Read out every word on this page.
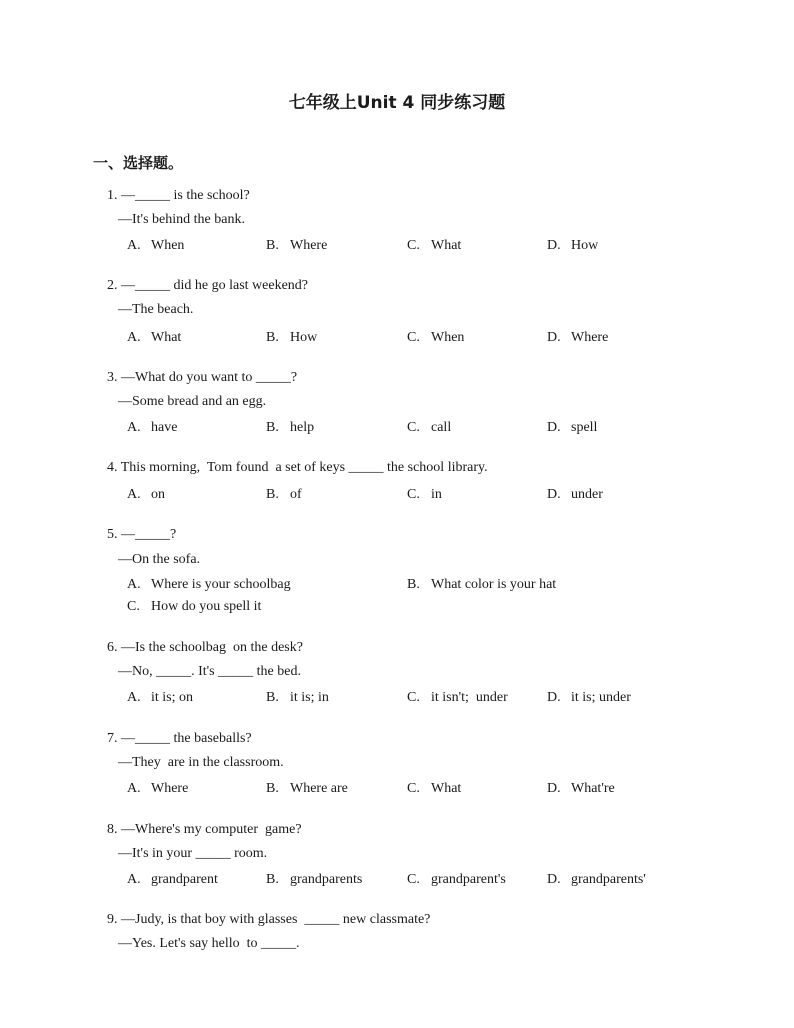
七年级上Unit 4 同步练习题
一、选择题。
1. —_____ is the school?
—It's behind the bank.
A. When	B. Where	C. What	D. How
2. —_____ did he go last weekend?
—The beach.
A. What	B. How	C. When	D. Where
3. —What do you want to _____?
—Some bread and an egg.
A. have	B. help	C. call	D. spell
4. This morning,  Tom found  a set of keys _____ the school library.
A. on	B. of	C. in	D. under
5. —_____?
—On the sofa.
A. Where is your schoolbag	B. What color is your hat
C. How do you spell it
6. —Is the schoolbag  on the desk?
—No, _____. It's _____ the bed.
A. it is; on	B. it is; in	C. it isn't;  under	D. it is; under
7. —_____ the baseballs?
—They  are in the classroom.
A. Where	B. Where are	C. What	D. What're
8. —Where's my computer  game?
—It's in your _____ room.
A. grandparent	B. grandparents	C. grandparent's	D. grandparents'
9. —Judy, is that boy with glasses  _____ new classmate?
—Yes. Let's say hello  to _____.
